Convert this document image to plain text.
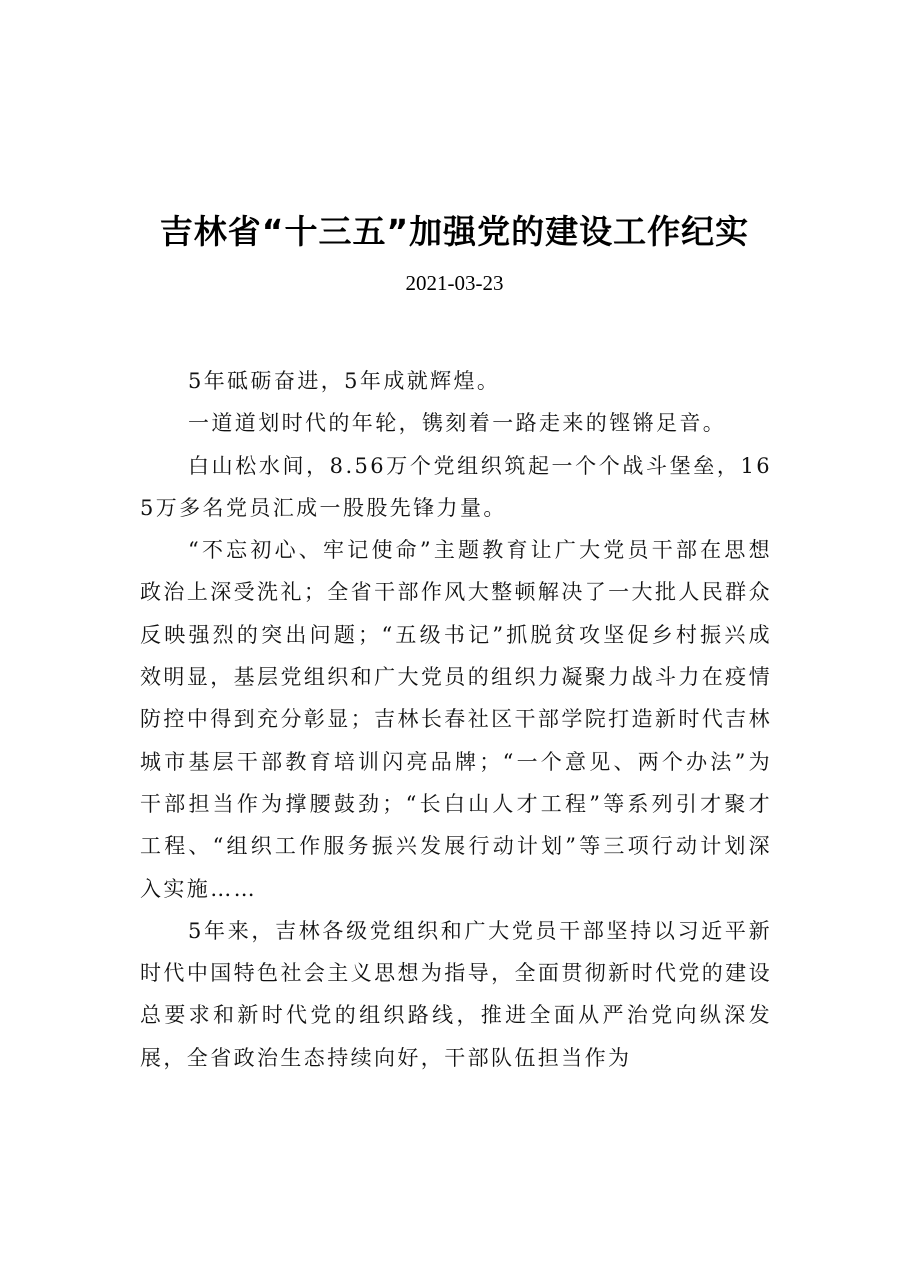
吉林省“十三五”加强党的建设工作纪实
2021-03-23

5年砥砺奋进，5年成就辉煌。

一道道划时代的年轮，镌刻着一路走来的铿锵足音。

白山松水间，8.56万个党组织筑起一个个战斗堡垒，165万多名党员汇成一股股先锋力量。

“不忘初心、牢记使命”主题教育让广大党员干部在思想政治上深受洗礼；全省干部作风大整顿解决了一大批人民群众反映强烈的突出问题；“五级书记”抓脱贫攻坚促乡村振兴成效明显，基层党组织和广大党员的组织力凝聚力战斗力在疫情防控中得到充分彰显；吉林长春社区干部学院打造新时代吉林城市基层干部教育培训闪亮品牌；“一个意见、两个办法”为干部担当作为撑腰鼓劲；“长白山人才工程”等系列引才聚才工程、“组织工作服务振兴发展行动计划”等三项行动计划深入实施……

5年来，吉林各级党组织和广大党员干部坚持以习近平新时代中国特色社会主义思想为指导，全面贯彻新时代党的建设总要求和新时代党的组织路线，推进全面从严治党向纵深发展，全省政治生态持续向好，干部队伍担当作为
